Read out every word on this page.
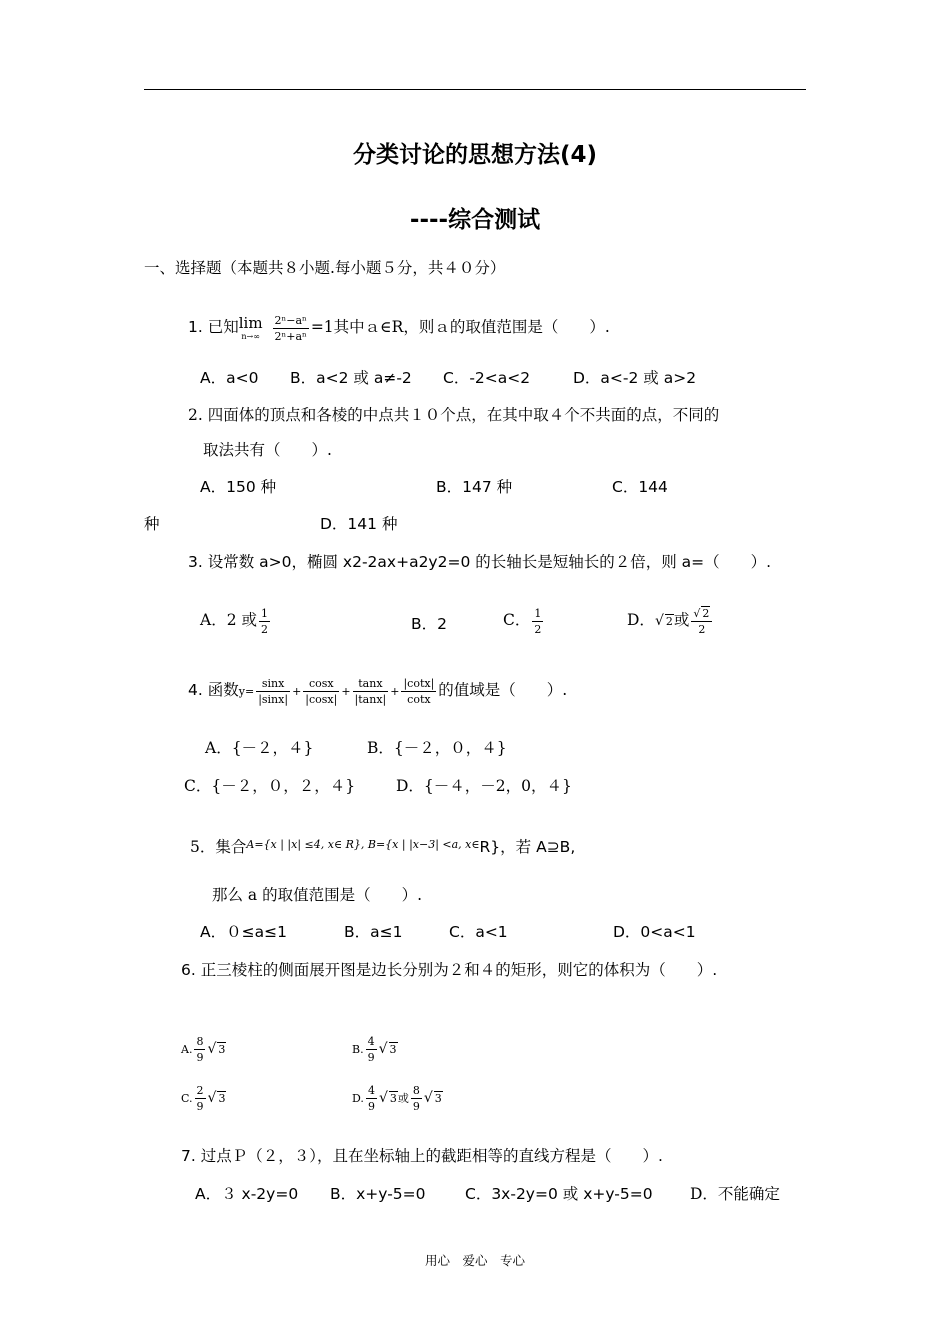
分类讨论的思想方法(4)
----综合测试
一、选择题（本题共８小题.每小题５分，共４０分）
1. 已知 lim
n→∞
$\frac{\text{2ⁿ−aⁿ}}{\text{2ⁿ+aⁿ}} =1$其中ａ∈R，则ａ的取值范围是（　　）.
A．a<0 B．a<2 或 a≠-2 C．-2<a<2	D．a<-2 或 a>2
2. 四面体的顶点和各棱的中点共１０个点，在其中取４个不共面的点，不同的
取法共有（　　）.
A．150 种	B．147 种	C．144
种	D．141 种
3. 设常数 a>0，椭圆 x2-2ax+a2y2=0 的长轴长是短轴长的２倍，则 a=（　　）.
A．2 或 $\frac{1}{2}$	B．2	C． $\frac{1}{2}$	D．√ 2或 $\frac{√ 2}{2}$
4. 函数$y= \frac{\sin x}{|\sin x|} + \frac{\cos x}{|\cos x|} + \frac{\tan x}{|\tan x|} + \frac{|\cot x|}{\cot x}$ 的值域是（　　）.
A．{－２，４}	B．{－２，０，４}
C．{－２，０，２，４}	D．{－４，－2，0，４}
5．集合$^{A=\{x | |x| \le 4, x\in R\}, B=\{x | |x-3| <a, x\in}$R}，若 A⊇B,
那么 a 的取值范围是（　　）.
A．０≤a≤1	B．a≤1	C．a<1	D．0<a<1
6. 正三棱柱的侧面展开图是边长分别为２和４的矩形，则它的体积为（　　）.
A. $\frac{8}{9}$ √ 3	B. $\frac{4}{9}$ √ 3
C. $\frac{2}{9}$ √ 3	D. $\frac{4}{9}$ √ 3或 $\frac{8}{9}$ √ 3
7. 过点Ｐ（２，３），且在坐标轴上的截距相等的直线方程是（　　）.
A．３ x-2y=0 B．x+y-5=0	C．3x-2y=0 或 x+y-5=0 D．不能确定
用心　爱心　专心
